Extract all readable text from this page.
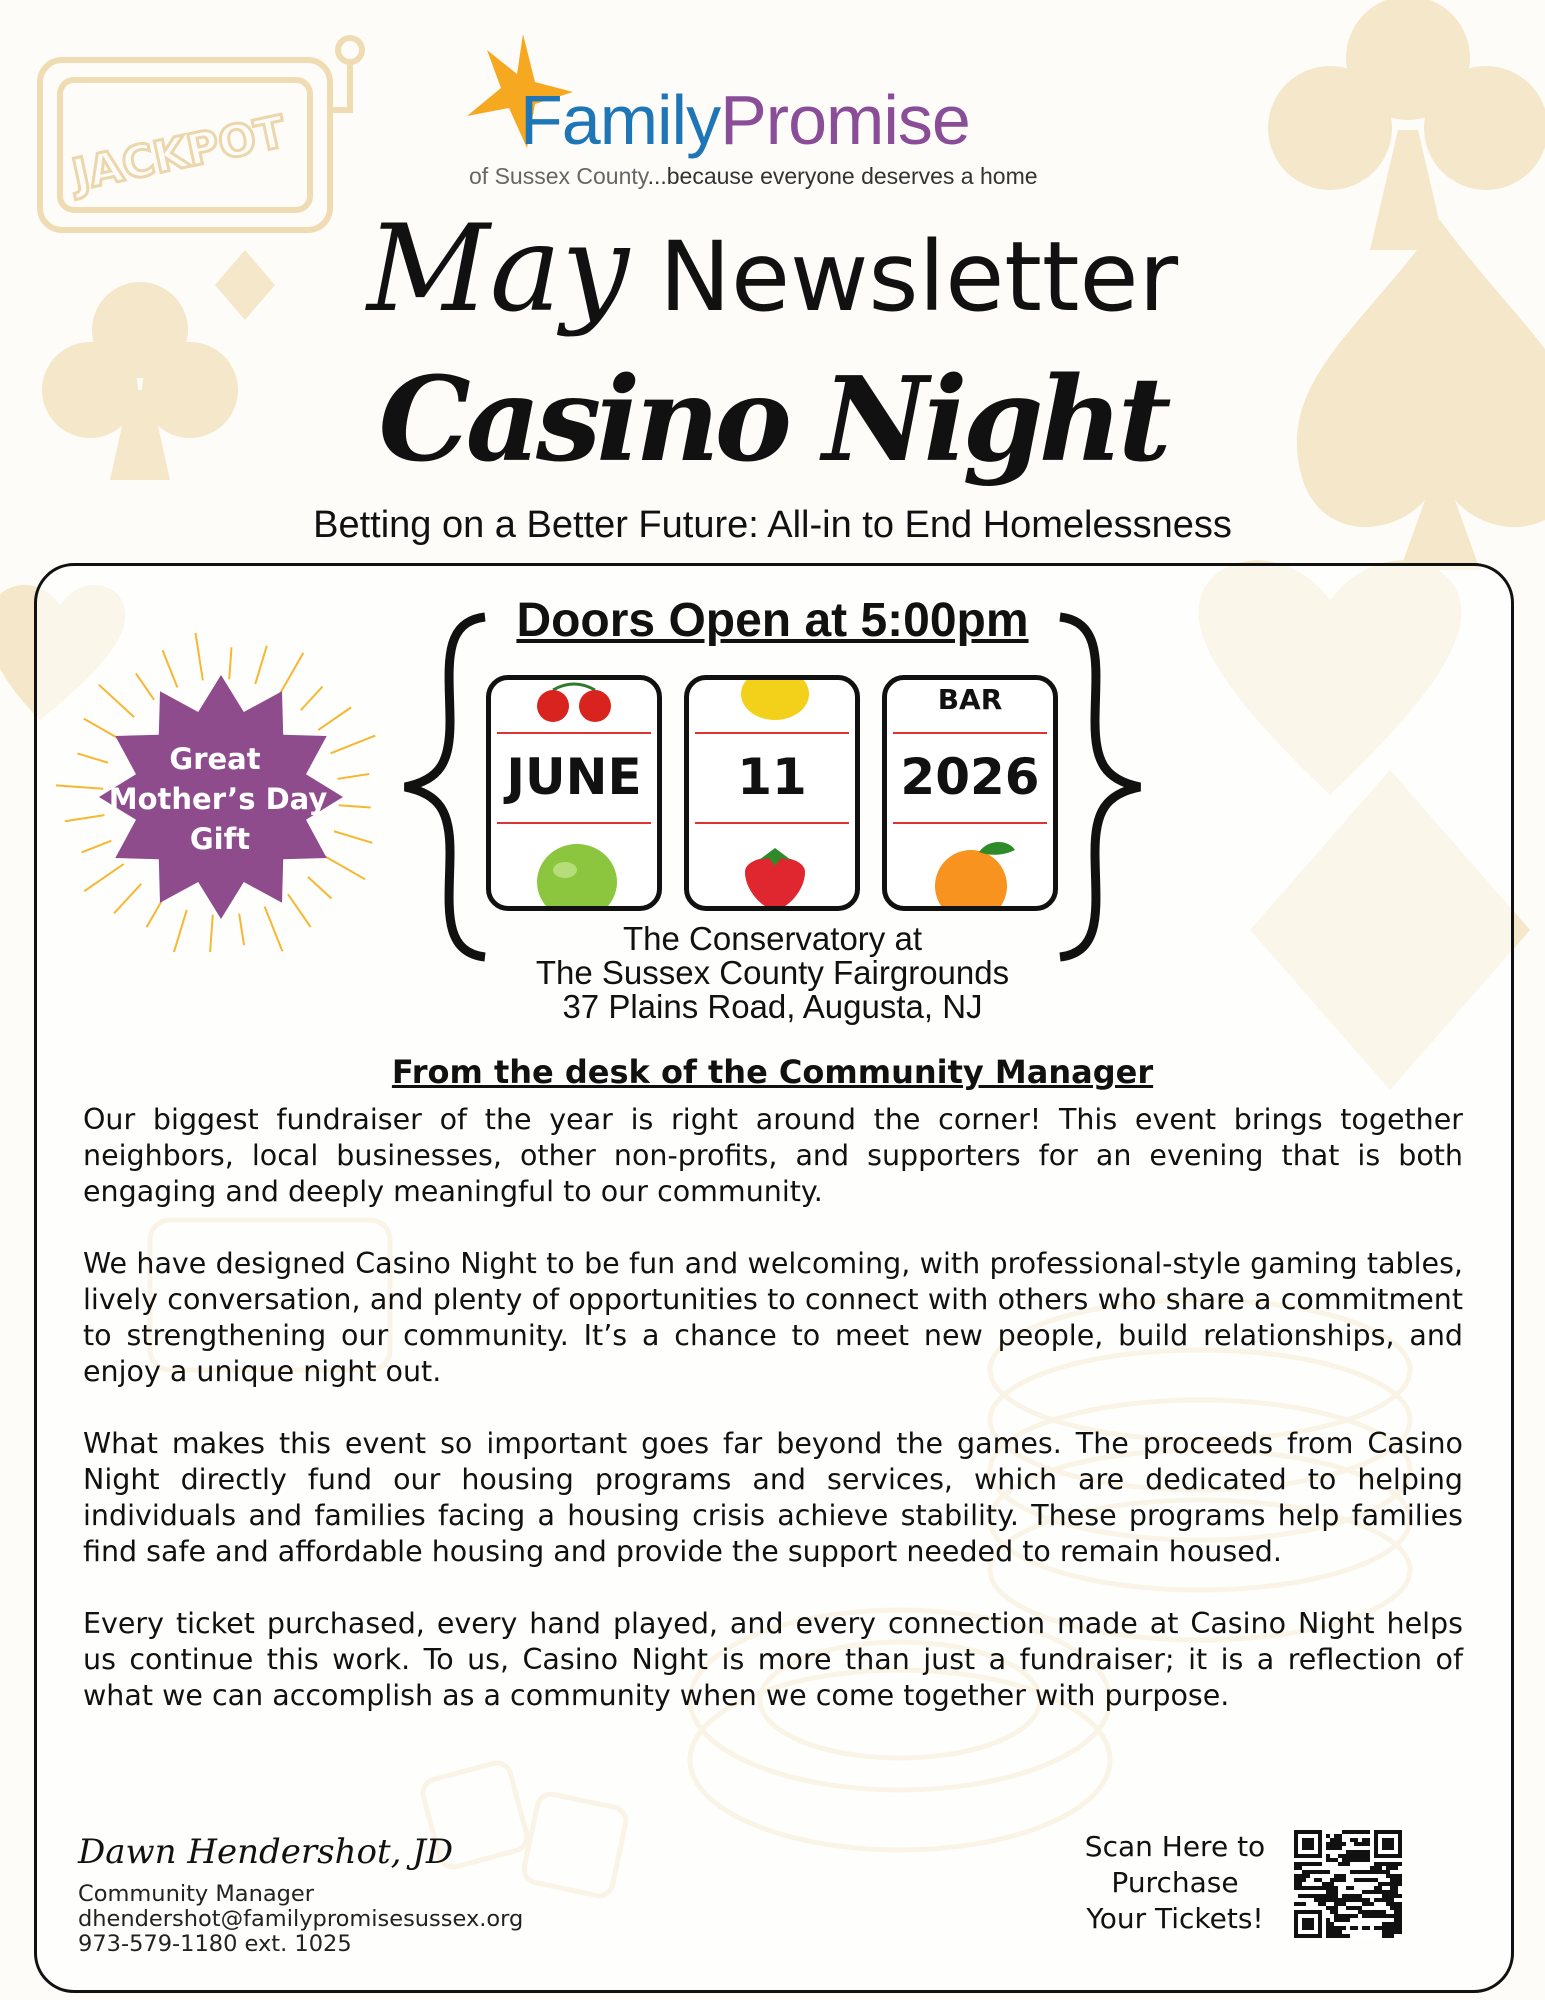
JACKPOT	FamilyPromise
of Sussex County...because everyone deserves a home
May Newsletter
Casino Night
Betting on a Better Future: All-in to End Homelessness
Doors Open at 5:00pm
JUNE	11
BAR
2026
Great
Mother’s Day
Gift
The Conservatory at
The Sussex County Fairgrounds
37 Plains Road, Augusta, NJ
From the desk of the Community Manager

Our biggest fundraiser of the year is right around the corner! This event brings together neighbors, local businesses, other non-profits, and supporters for an evening that is both engaging and deeply meaningful to our community.

We have designed Casino Night to be fun and welcoming, with professional-style gaming tables, lively conversation, and plenty of opportunities to connect with others who share a commitment to strengthening our community. It’s a chance to meet new people, build relationships, and enjoy a unique night out.

What makes this event so important goes far beyond the games. The proceeds from Casino Night directly fund our housing programs and services, which are dedicated to helping individuals and families facing a housing crisis achieve stability. These programs help families find safe and affordable housing and provide the support needed to remain housed.

Every ticket purchased, every hand played, and every connection made at Casino Night helps us continue this work. To us, Casino Night is more than just a fundraiser; it is a reflection of what we can accomplish as a community when we come together with purpose.

Dawn Hendershot, JD
Community Manager
dhendershot@familypromisesussex.org
973-579-1180 ext. 1025
Scan Here to
Purchase
Your Tickets!
